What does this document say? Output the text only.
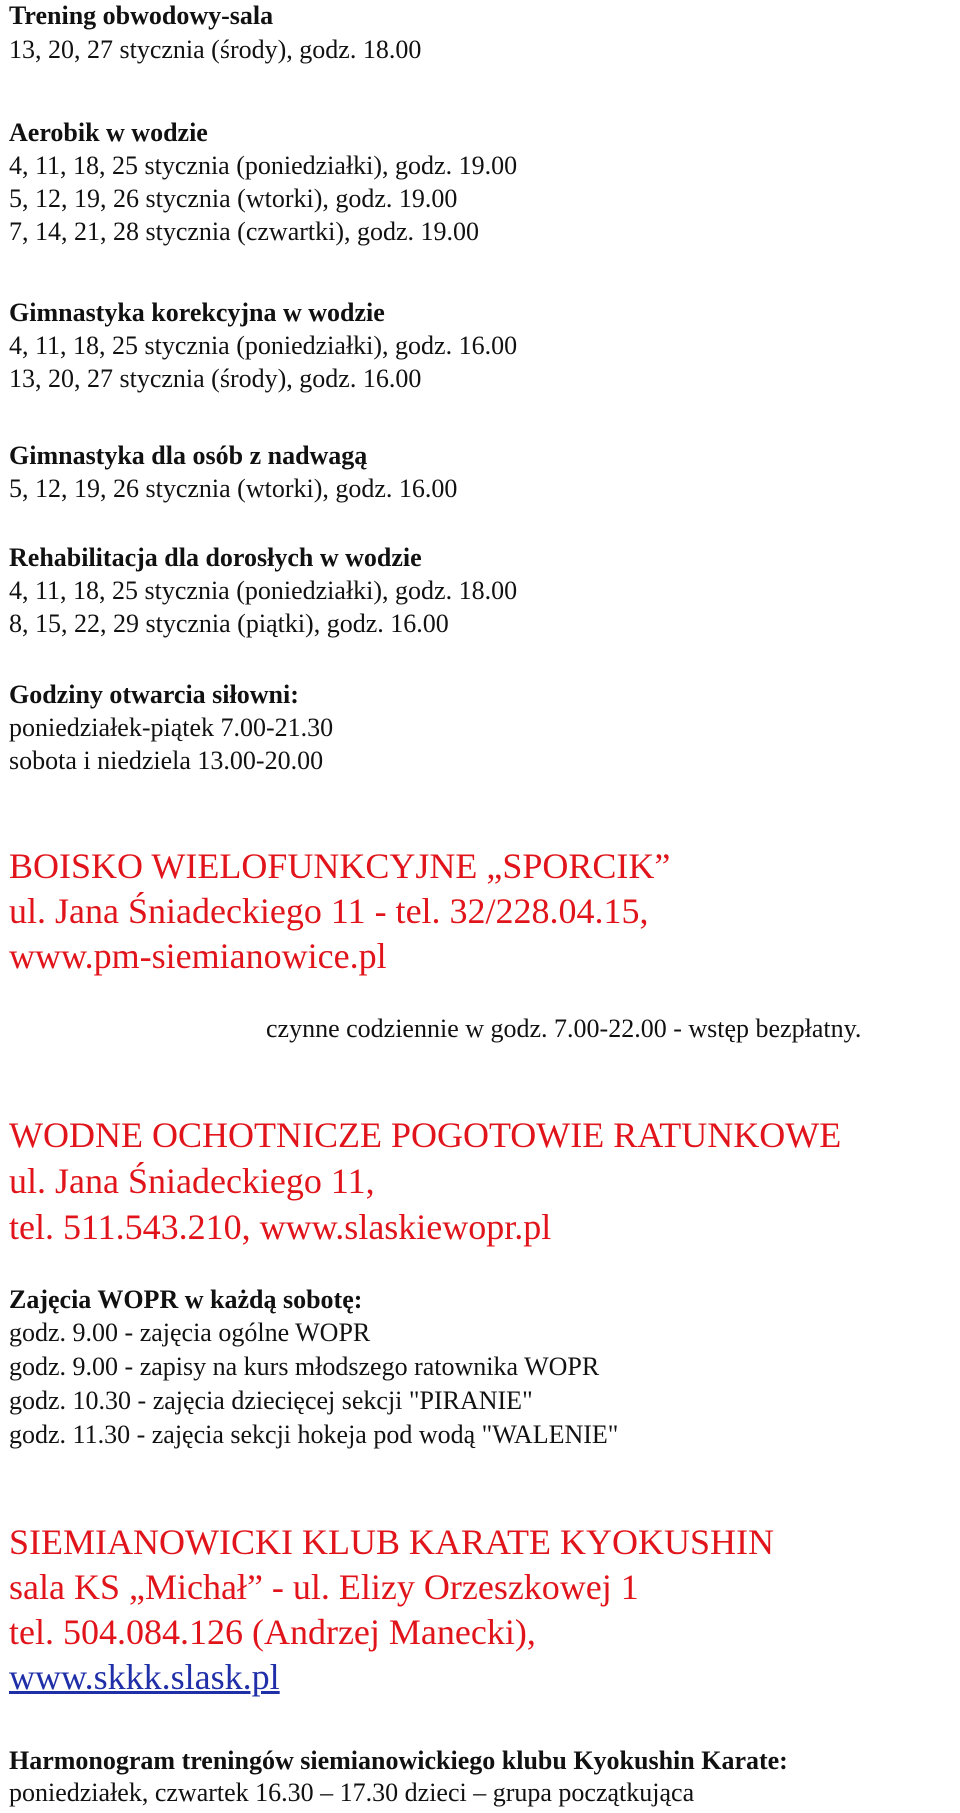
Trening obwodowy-sala
13, 20, 27 stycznia (środy), godz. 18.00
Aerobik w wodzie
4, 11, 18, 25 stycznia (poniedziałki), godz. 19.00
5, 12, 19, 26 stycznia (wtorki), godz. 19.00
7, 14, 21, 28 stycznia (czwartki), godz. 19.00
Gimnastyka korekcyjna w wodzie
4, 11, 18, 25 stycznia (poniedziałki), godz. 16.00
13, 20, 27 stycznia (środy), godz. 16.00
Gimnastyka dla osób z nadwagą
5, 12, 19, 26 stycznia (wtorki), godz. 16.00
Rehabilitacja dla dorosłych w wodzie
4, 11, 18, 25 stycznia (poniedziałki), godz. 18.00
8, 15, 22, 29 stycznia (piątki), godz. 16.00
Godziny otwarcia siłowni:
poniedziałek-piątek 7.00-21.30
sobota i niedziela 13.00-20.00
BOISKO WIELOFUNKCYJNE „SPORCIK”
ul. Jana Śniadeckiego 11 - tel. 32/228.04.15,
www.pm-siemianowice.pl
czynne codziennie w godz. 7.00-22.00 - wstęp bezpłatny.
WODNE OCHOTNICZE POGOTOWIE RATUNKOWE
ul. Jana Śniadeckiego 11,
tel. 511.543.210, www.slaskiewopr.pl
Zajęcia WOPR w każdą sobotę:
godz. 9.00 - zajęcia ogólne WOPR
godz. 9.00 - zapisy na kurs młodszego ratownika WOPR
godz. 10.30 - zajęcia dziecięcej sekcji "PIRANIE"
godz. 11.30 - zajęcia sekcji hokeja pod wodą "WALENIE"
SIEMIANOWICKI KLUB KARATE KYOKUSHIN
sala KS „Michał” - ul. Elizy Orzeszkowej 1
tel. 504.084.126 (Andrzej Manecki),
www.skkk.slask.pl
Harmonogram treningów siemianowickiego klubu Kyokushin Karate:
poniedziałek, czwartek 16.30 – 17.30 dzieci – grupa początkująca
